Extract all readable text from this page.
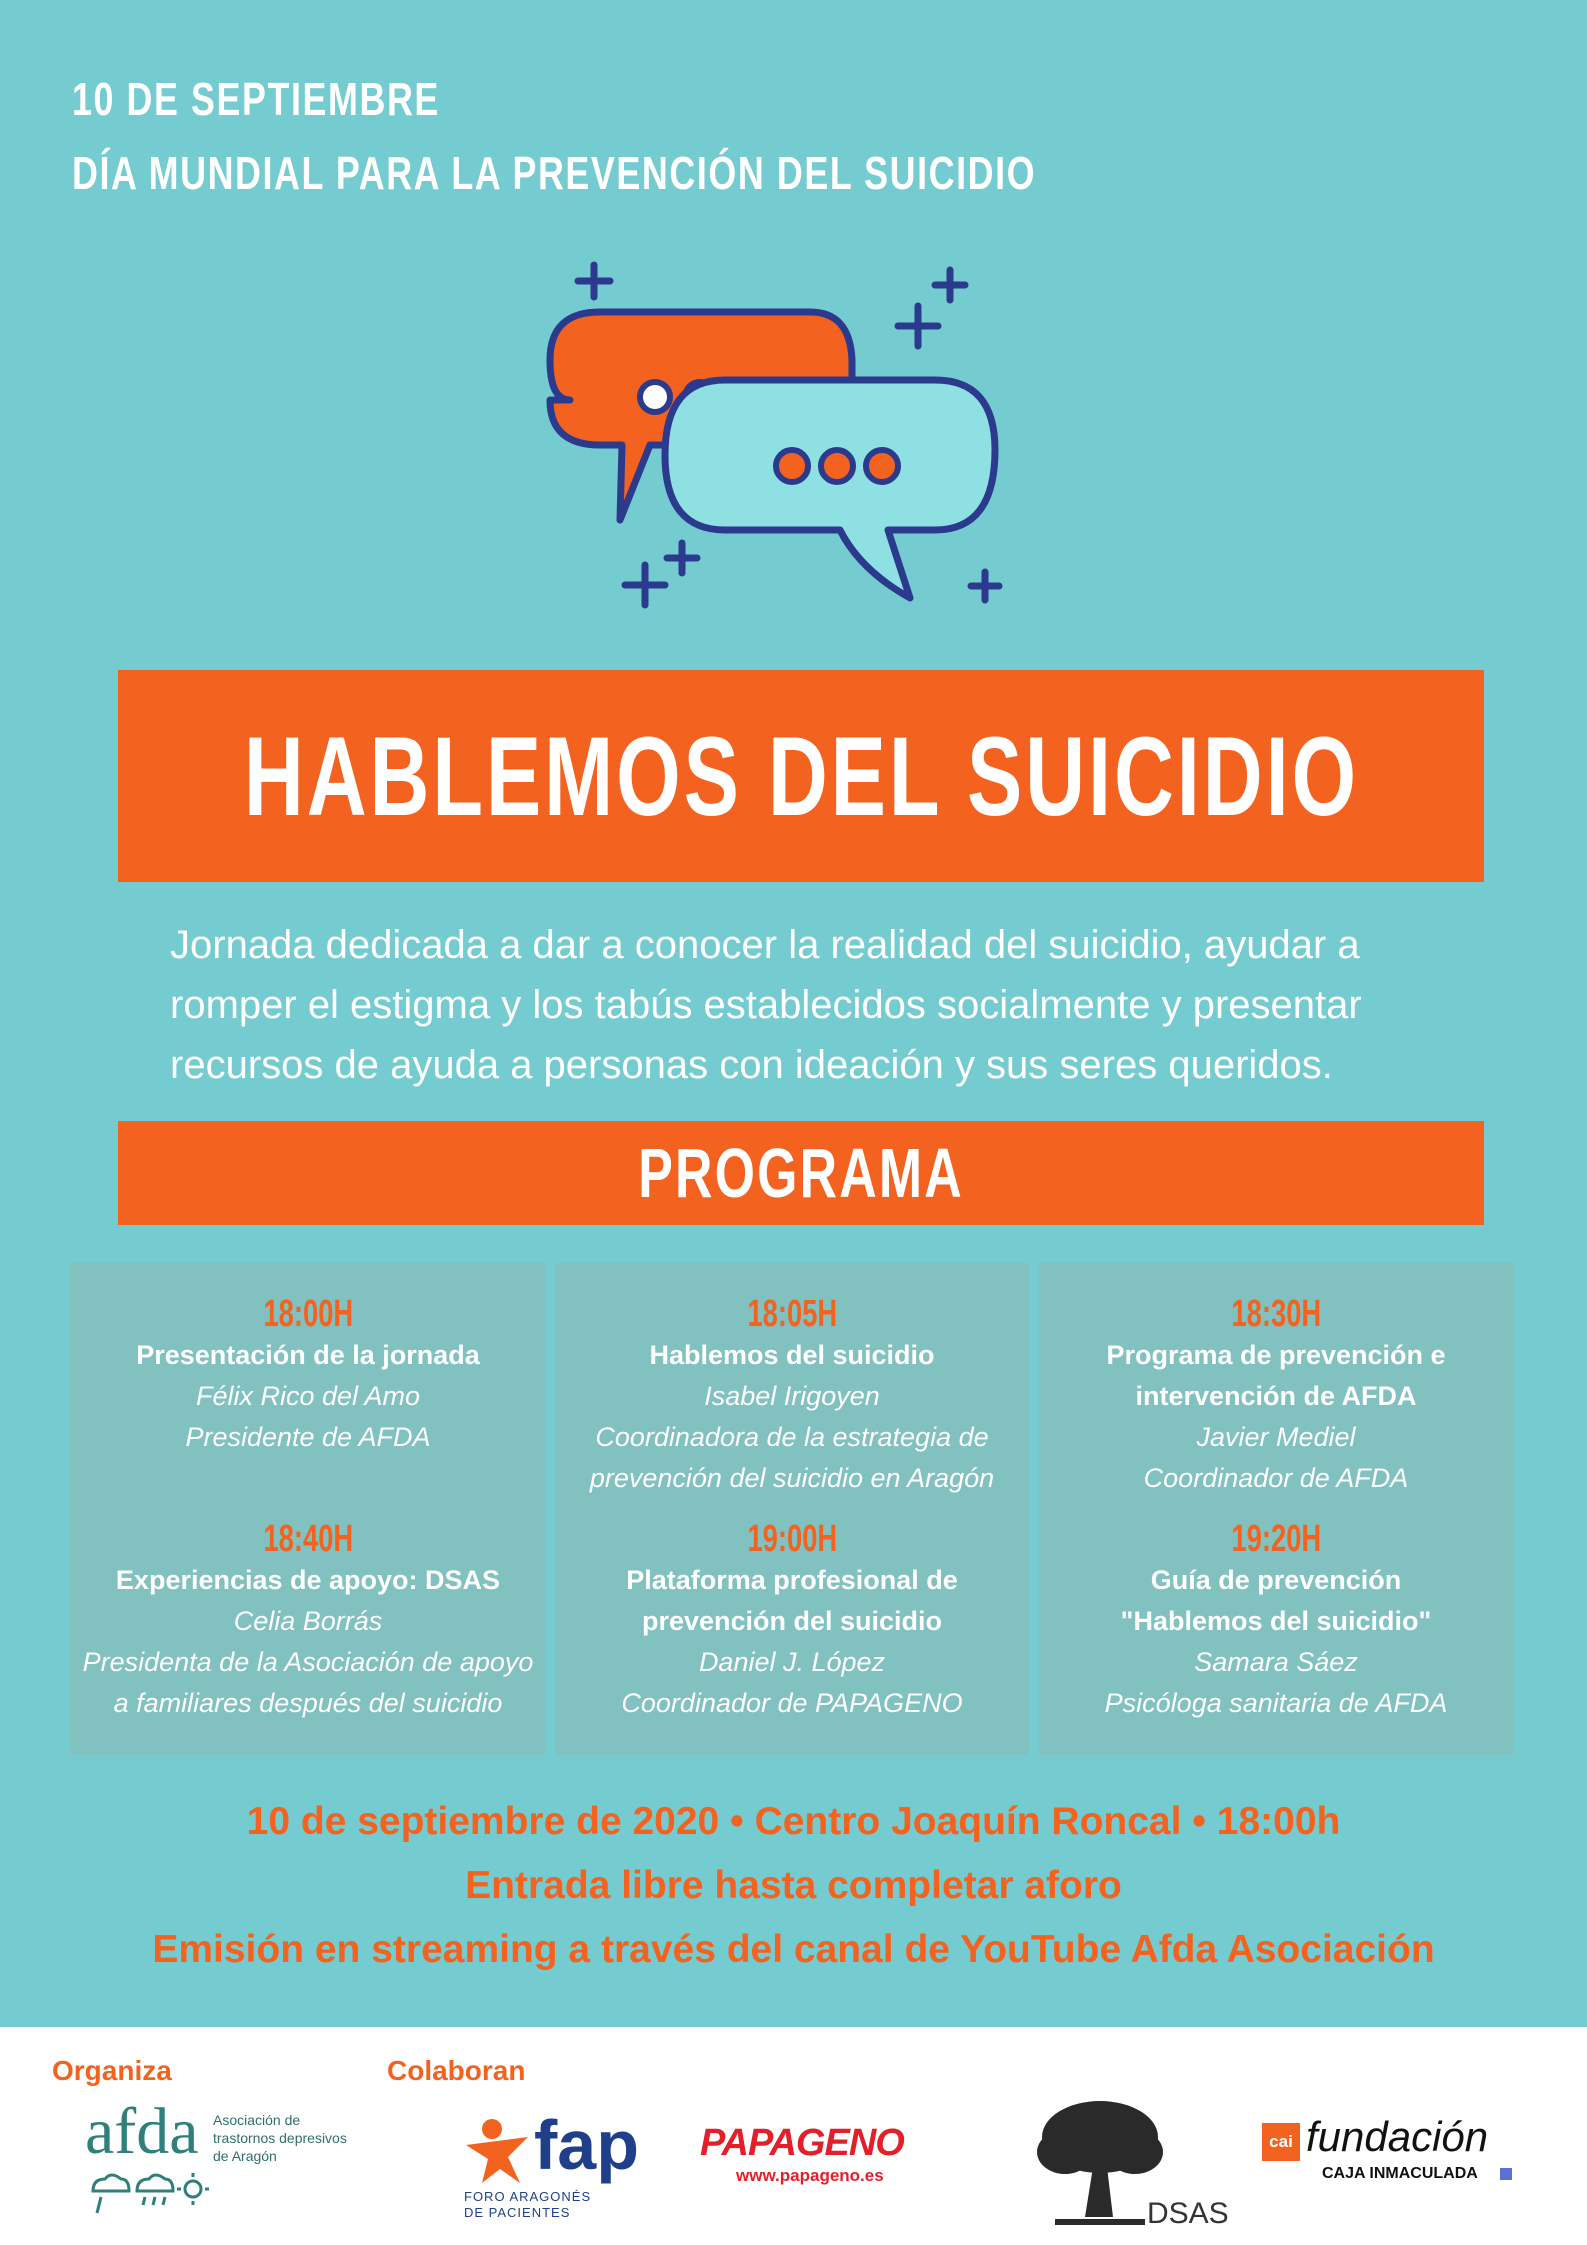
10 DE SEPTIEMBRE
DÍA MUNDIAL PARA LA PREVENCIÓN DEL SUICIDIO
HABLEMOS DEL SUICIDIO
Jornada dedicada a dar a conocer la realidad del suicidio, ayudar a romper el estigma y los tabús establecidos socialmente y presentar recursos de ayuda a personas con ideación y sus seres queridos.
PROGRAMA
18:00H
Presentación de la jornada
Félix Rico del Amo
Presidente de AFDA
18:40H
Experiencias de apoyo: DSAS
Celia Borrás
Presidenta de la Asociación de apoyo
a familiares después del suicidio
18:05H
Hablemos del suicidio
Isabel Irigoyen
Coordinadora de la estrategia de
prevención del suicidio en Aragón
19:00H
Plataforma profesional de
prevención del suicidio
Daniel J. López
Coordinador de PAPAGENO
18:30H
Programa de prevención e
intervención de AFDA
Javier Mediel
Coordinador de AFDA
19:20H
Guía de prevención
"Hablemos del suicidio"
Samara Sáez
Psicóloga sanitaria de AFDA
10 de septiembre de 2020 • Centro Joaquín Roncal • 18:00h
Entrada libre hasta completar aforo
Emisión en streaming a través del canal de YouTube Afda Asociación
Organiza	Colaboran
afda Asociación de
trastornos depresivos
de Aragón	fap
FORO ARAGONÉS
DE PACIENTES
PAPAGENO
www.papageno.es
DSAS
cai fundación
CAJA INMACULADA
